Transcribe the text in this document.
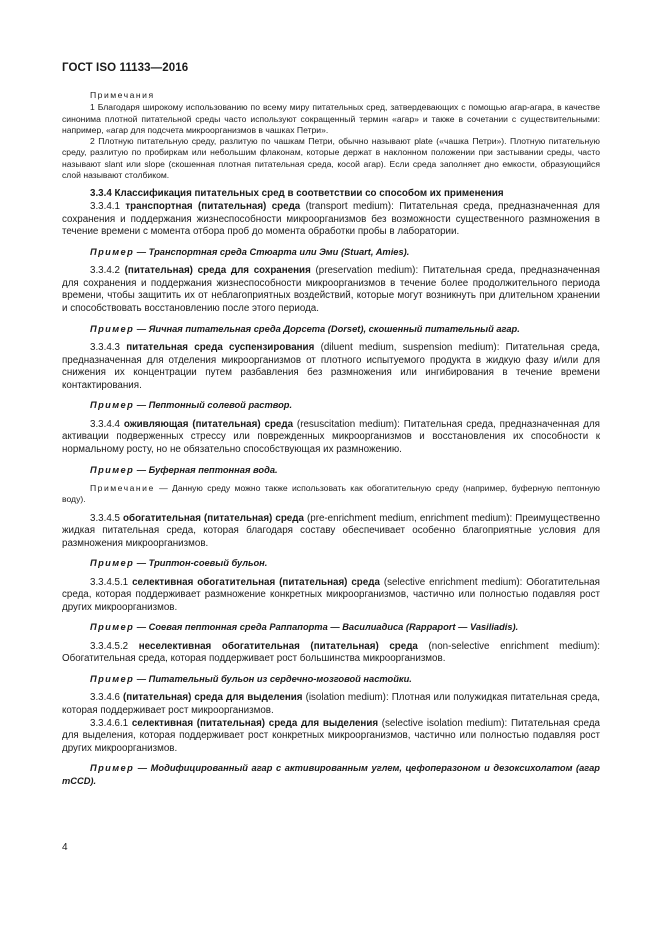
ГОСТ ISO 11133—2016

Примечания

1 Благодаря широкому использованию по всему миру питательных сред, затвердевающих с помощью агар-агара, в качестве синонима плотной питательной среды часто используют сокращенный термин «агар» и также в сочетании с существительными: например, «агар для подсчета микроорганизмов в чашках Петри».

2 Плотную питательную среду, разлитую по чашкам Петри, обычно называют plate («чашка Петри»). Плотную питательную среду, разлитую по пробиркам или небольшим флаконам, которые держат в наклонном положении при застывании среды, часто называют slant или slope (скошенная плотная питательная среда, косой агар). Если среда заполняет дно емкости, образующийся слой называют столбиком.

3.3.4 Классификация питательных сред в соответствии со способом их применения

3.3.4.1 транспортная (питательная) среда (transport medium): Питательная среда, предназначенная для сохранения и поддержания жизнеспособности микроорганизмов без возможности существенного размножения в течение времени с момента отбора проб до момента обработки пробы в лаборатории.

Пример — Транспортная среда Стюарта или Эми (Stuart, Amies).

3.3.4.2 (питательная) среда для сохранения (preservation medium): Питательная среда, предназначенная для сохранения и поддержания жизнеспособности микроорганизмов в течение более продолжительного периода времени, чтобы защитить их от неблагоприятных воздействий, которые могут возникнуть при длительном хранении и способствовать восстановлению после этого периода.

Пример — Яичная питательная среда Дорсета (Dorset), скошенный питательный агар.

3.3.4.3 питательная среда суспензирования (diluent medium, suspension medium): Питательная среда, предназначенная для отделения микроорганизмов от плотного испытуемого продукта в жидкую фазу и/или для снижения их концентрации путем разбавления без размножения или ингибирования в течение времени контактирования.

Пример — Пептонный солевой раствор.

3.3.4.4 оживляющая (питательная) среда (resuscitation medium): Питательная среда, предназначенная для активации подверженных стрессу или поврежденных микроорганизмов и восстановления их способности к нормальному росту, но не обязательно способствующая их размножению.

Пример — Буферная пептонная вода.

Примечание — Данную среду можно также использовать как обогатительную среду (например, буферную пептонную воду).

3.3.4.5 обогатительная (питательная) среда (pre-enrichment medium, enrichment medium): Преимущественно жидкая питательная среда, которая благодаря составу обеспечивает особенно благоприятные условия для размножения микроорганизмов.

Пример — Триптон-соевый бульон.

3.3.4.5.1 селективная обогатительная (питательная) среда (selective enrichment medium): Обогатительная среда, которая поддерживает размножение конкретных микроорганизмов, частично или полностью подавляя рост других микроорганизмов.

Пример — Соевая пептонная среда Раппапорта — Василиадиса (Rappaport — Vasiliadis).

3.3.4.5.2 неселективная обогатительная (питательная) среда (non-selective enrichment medium): Обогатительная среда, которая поддерживает рост большинства микроорганизмов.

Пример — Питательный бульон из сердечно-мозговой настойки.

3.3.4.6 (питательная) среда для выделения (isolation medium): Плотная или полужидкая питательная среда, которая поддерживает рост микроорганизмов.

3.3.4.6.1 селективная (питательная) среда для выделения (selective isolation medium): Питательная среда для выделения, которая поддерживает рост конкретных микроорганизмов, частично или полностью подавляя рост других микроорганизмов.

Пример — Модифицированный агар с активированным углем, цефоперазоном и дезоксихолатом (агар mCCD).

4
